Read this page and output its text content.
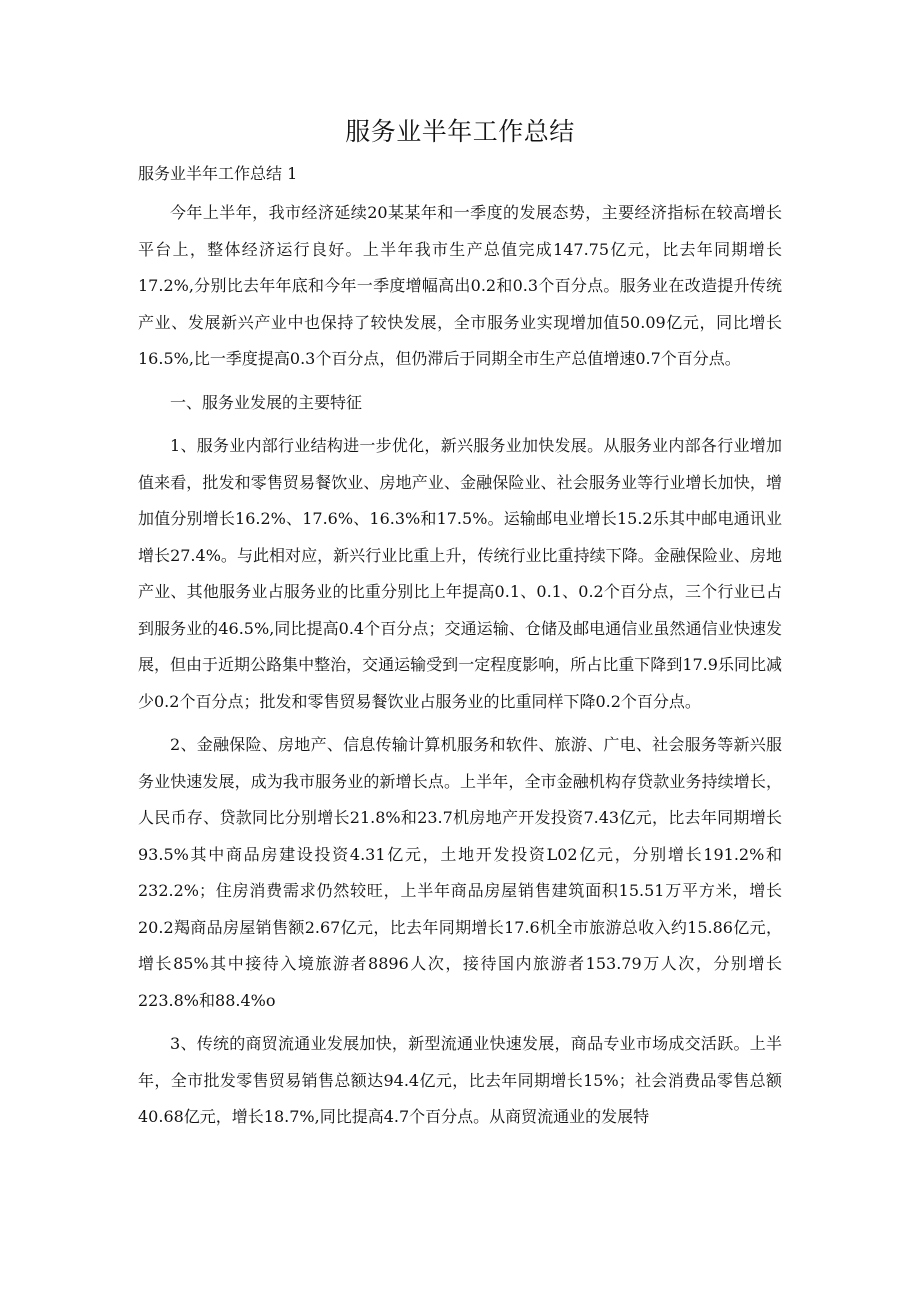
服务业半年工作总结

服务业半年工作总结 1

今年上半年，我市经济延续20某某年和一季度的发展态势，主要经济指标在较高增长平台上，整体经济运行良好。上半年我市生产总值完成147.75亿元，比去年同期增长17.2%,分别比去年年底和今年一季度增幅高出0.2和0.3个百分点。服务业在改造提升传统产业、发展新兴产业中也保持了较快发展，全市服务业实现增加值50.09亿元，同比增长16.5%,比一季度提高0.3个百分点，但仍滞后于同期全市生产总值增速0.7个百分点。

一、服务业发展的主要特征

1、服务业内部行业结构进一步优化，新兴服务业加快发展。从服务业内部各行业增加值来看，批发和零售贸易餐饮业、房地产业、金融保险业、社会服务业等行业增长加快，增加值分别增长16.2%、17.6%、16.3%和17.5%。运输邮电业增长15.2乐其中邮电通讯业增长27.4%。与此相对应，新兴行业比重上升，传统行业比重持续下降。金融保险业、房地产业、其他服务业占服务业的比重分别比上年提高0.1、0.1、0.2个百分点，三个行业已占到服务业的46.5%,同比提高0.4个百分点；交通运输、仓储及邮电通信业虽然通信业快速发展，但由于近期公路集中整治，交通运输受到一定程度影响，所占比重下降到17.9乐同比减少0.2个百分点；批发和零售贸易餐饮业占服务业的比重同样下降0.2个百分点。

2、金融保险、房地产、信息传输计算机服务和软件、旅游、广电、社会服务等新兴服务业快速发展，成为我市服务业的新增长点。上半年，全市金融机构存贷款业务持续增长，人民币存、贷款同比分别增长21.8%和23.7机房地产开发投资7.43亿元，比去年同期增长93.5%其中商品房建设投资4.31亿元，土地开发投资L02亿元，分别增长191.2%和232.2%；住房消费需求仍然较旺，上半年商品房屋销售建筑面积15.51万平方米，增长20.2羯商品房屋销售额2.67亿元，比去年同期增长17.6机全市旅游总收入约15.86亿元，增长85%其中接待入境旅游者8896人次，接待国内旅游者153.79万人次，分别增长223.8%和88.4%o

3、传统的商贸流通业发展加快，新型流通业快速发展，商品专业市场成交活跃。上半年，全市批发零售贸易销售总额达94.4亿元，比去年同期增长15%；社会消费品零售总额40.68亿元，增长18.7%,同比提高4.7个百分点。从商贸流通业的发展特
